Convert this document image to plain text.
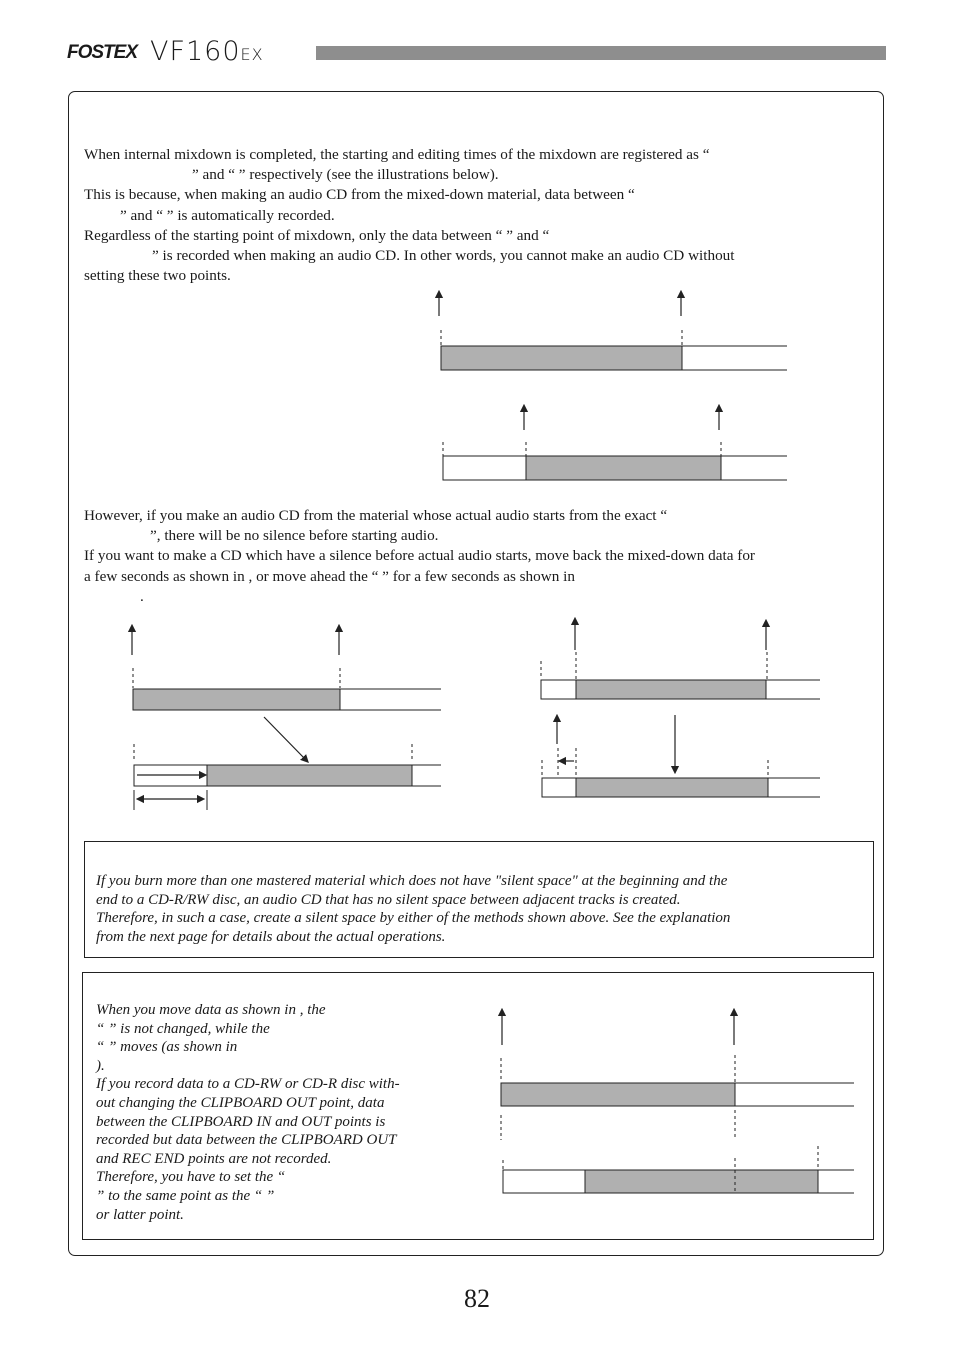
FOSTEX VF160EX
When internal mixdown is completed, the starting and editing times of the mixdown are registered as “
” and “ ” respectively (see the illustrations below).
This is because, when making an audio CD from the mixed-down material, data between “
” and “ ” is automatically recorded.
Regardless of the starting point of mixdown, only the data between “ ” and “
” is recorded when making an audio CD. In other words, you cannot make an audio CD without
setting these two points.
However, if you make an audio CD from the material whose actual audio starts from the exact “
”, there will be no silence before starting audio.
If you want to make a CD which have a silence before actual audio starts, move back the mixed-down data for
a few seconds as shown in , or move ahead the “ ” for a few seconds as shown in
.
If you burn more than one mastered material which does not have "silent space" at the beginning and the
end to a CD-R/RW disc, an audio CD that has no silent space between adjacent tracks is created.
Therefore, in such a case, create a silent space by either of the methods shown above. See the explanation
from the next page for details about the actual operations.
When you move data as shown in , the
“ ” is not changed, while the
“ ” moves (as shown in
).
If you record data to a CD-RW or CD-R disc with-
out changing the CLIPBOARD OUT point, data
between the CLIPBOARD IN and OUT points is
recorded but data between the CLIPBOARD OUT
and REC END points are not recorded.
Therefore, you have to set the “
” to the same point as the “ ”
or latter point.
82
